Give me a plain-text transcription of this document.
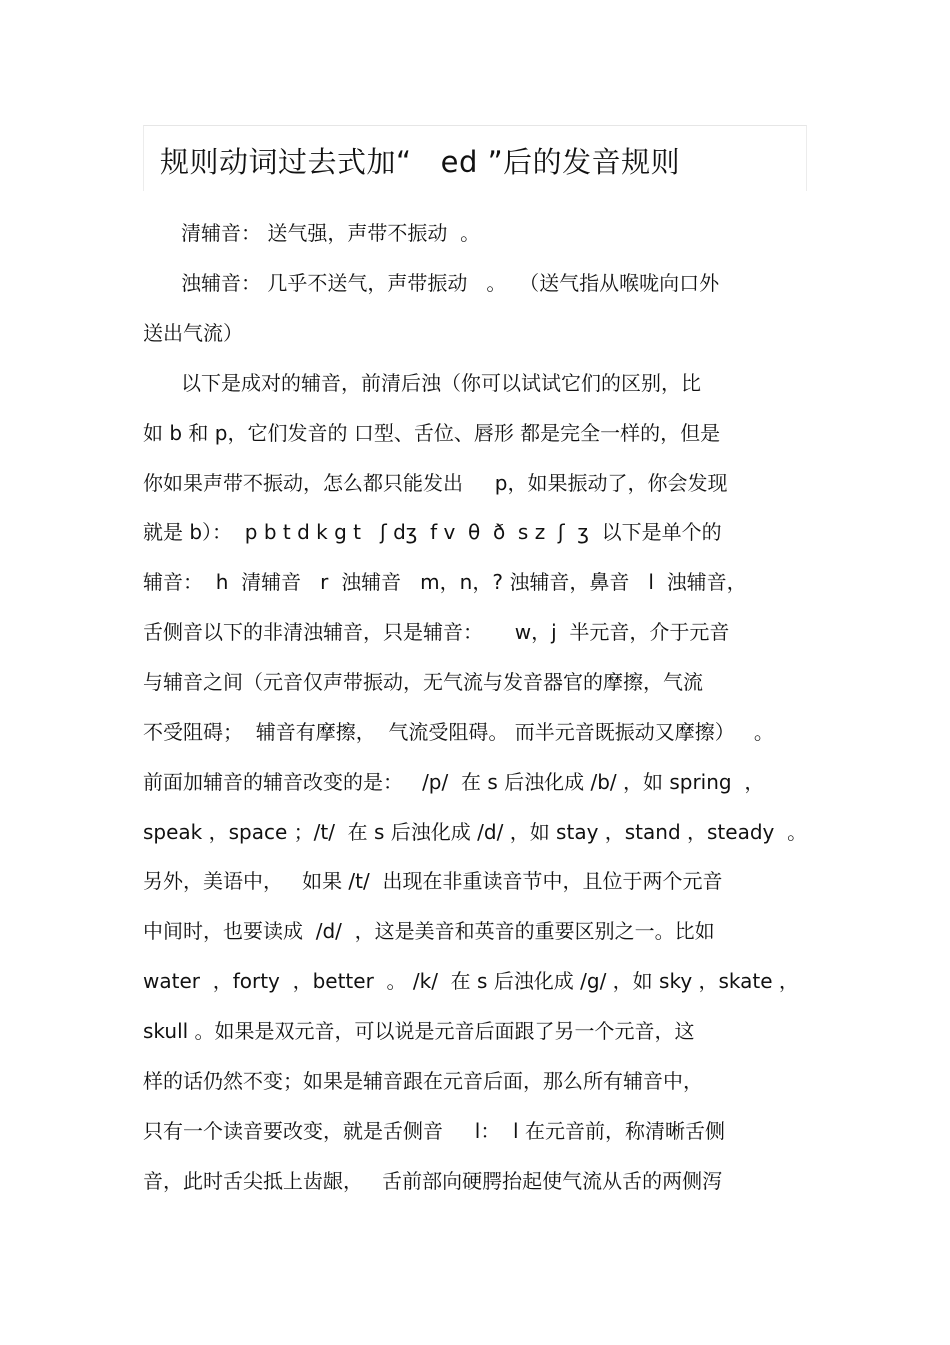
规则动词过去式加“   ed ”后的发音规则

清辅音： 送气强，声带不振动  。

浊辅音： 几乎不送气，声带振动   。  （送气指从喉咙向口外

送出气流）

以下是成对的辅音，前清后浊（你可以试试它们的区别，比

如 b 和 p，它们发音的 口型、舌位、唇形 都是完全一样的，但是

你如果声带不振动，怎么都只能发出     p，如果振动了，你会发现

就是 b）：  p b t d k g t   ʃ dʒ  f v  θ  ð  s z  ʃ  ʒ  以下是单个的

辅音：  h  清辅音   r  浊辅音   m，n，? 浊辅音，鼻音   l  浊辅音，

舌侧音以下的非清浊辅音，只是辅音：     w，j  半元音，介于元音

与辅音之间（元音仅声带振动，无气流与发音器官的摩擦，气流

不受阻碍；  辅音有摩擦，  气流受阻碍。 而半元音既振动又摩擦）   。

前面加辅音的辅音改变的是：   /p/  在 s 后浊化成 /b/ ，如 spring  ，

speak ，space ；/t/  在 s 后浊化成 /d/ ，如 stay ，stand ，steady  。

另外，美语中，   如果 /t/  出现在非重读音节中，且位于两个元音

中间时，也要读成  /d/  ，这是美音和英音的重要区别之一。比如

water  ，forty  ，better  。 /k/  在 s 后浊化成 /g/ ，如 sky ，skate ，

skull 。如果是双元音，可以说是元音后面跟了另一个元音，这

样的话仍然不变；如果是辅音跟在元音后面，那么所有辅音中，

只有一个读音要改变，就是舌侧音     l：  l 在元音前，称清晰舌侧

音，此时舌尖抵上齿龈，   舌前部向硬腭抬起使气流从舌的两侧泻
